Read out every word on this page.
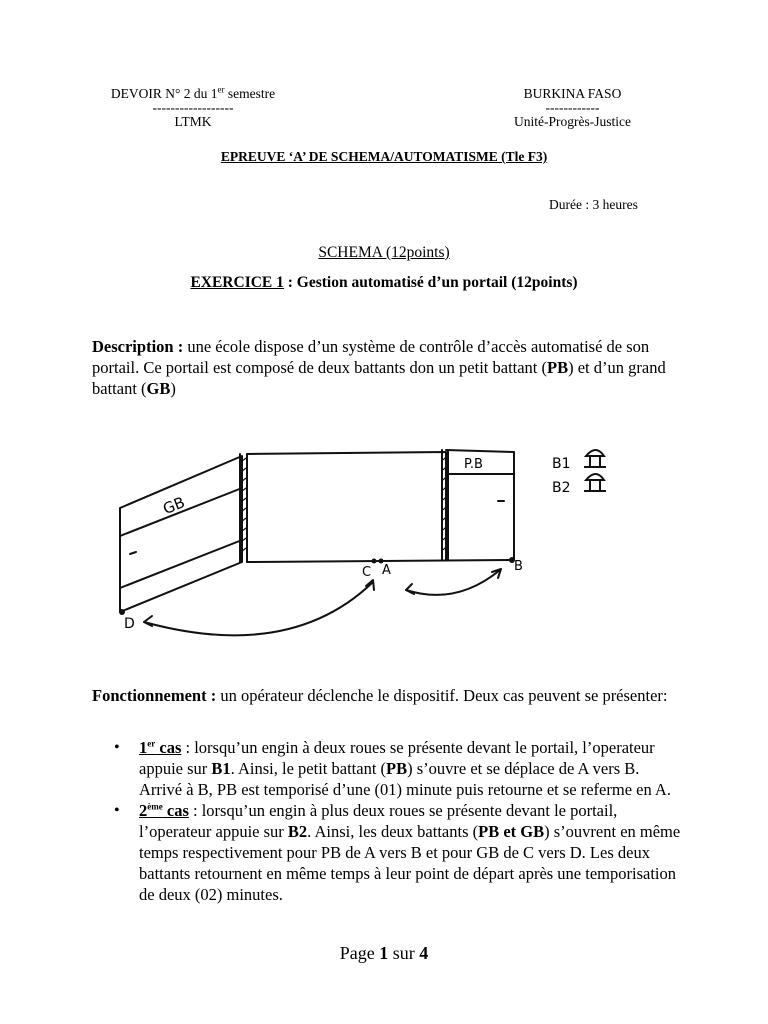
DEVOIR N° 2 du 1er semestre
------------------
LTMK
BURKINA FASO
------------
Unité-Progrès-Justice
EPREUVE ‘A’ DE SCHEMA/AUTOMATISME (Tle F3)
Durée : 3 heures
SCHEMA (12points)
EXERCICE 1 : Gestion automatisé d’un portail (12points)
Description : une école dispose d’un système de contrôle d’accès automatisé de son portail. Ce portail est composé de deux battants don un petit battant (PB) et d’un grand battant (GB)
GB
P.B
D
C A	B
B1
B2
Fonctionnement : un opérateur déclenche le dispositif. Deux cas peuvent se présenter:
• 1er cas : lorsqu’un engin à deux roues se présente devant le portail, l’operateur appuie sur B1. Ainsi, le petit battant (PB) s’ouvre et se déplace de A vers B. Arrivé à B, PB est temporisé d’une (01) minute puis retourne et se referme en A.
• 2ème cas : lorsqu’un engin à plus deux roues se présente devant le portail, l’operateur appuie sur B2. Ainsi, les deux battants (PB et GB) s’ouvrent en même temps respectivement pour PB de A vers B et pour GB de C vers D. Les deux battants retournent en même temps à leur point de départ après une temporisation de deux (02) minutes.
Page 1 sur 4
